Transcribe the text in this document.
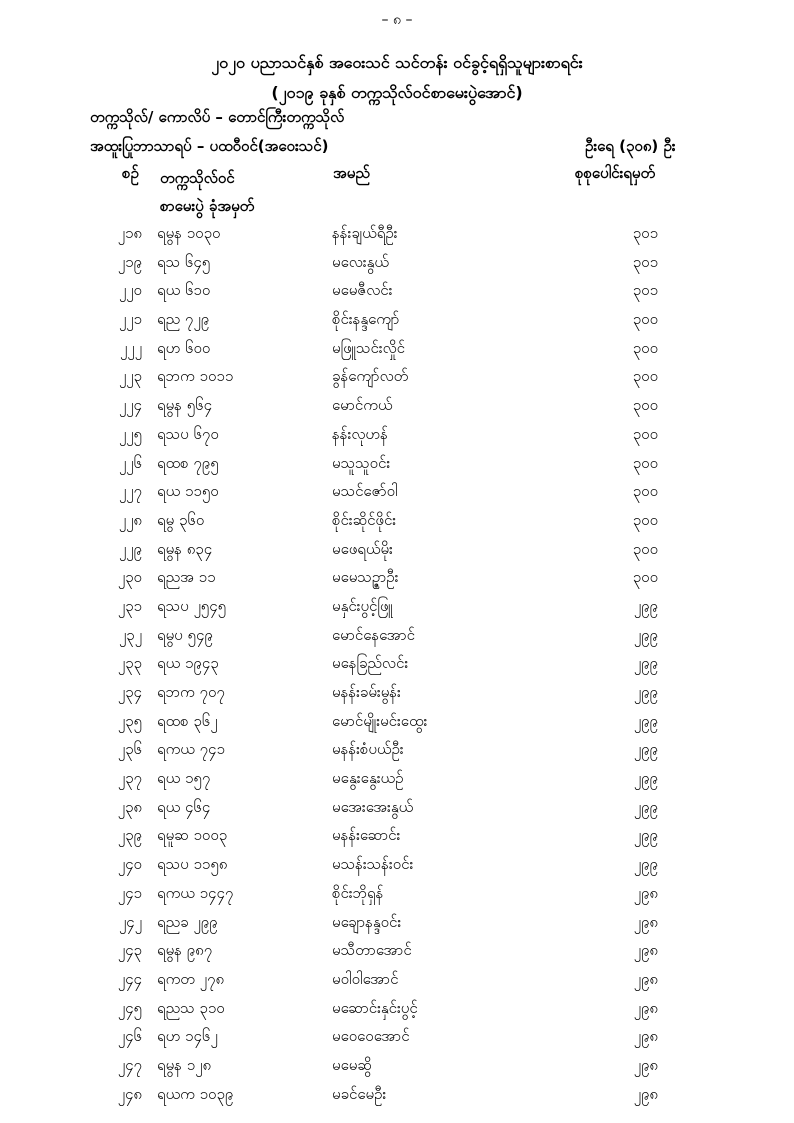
– ၈ –
၂၀၂၀ ပညာသင်နှစ် အဝေးသင် သင်တန်း ဝင်ခွင့်ရရှိသူများစာရင်း
(၂၀၁၉ ခုနှစ် တက္ကသိုလ်ဝင်စာမေးပွဲအောင်)
တက္ကသိုလ်/ ကောလိပ် – ‌တောင်ကြီးတက္ကသိုလ်
အထူးပြုဘာသာရပ် – ပထဝီဝင်(အဝေးသင်)	ဦးရေ (၃၀၈) ဦး
စဉ် တက္ကသိုလ်ဝင်စာမေးပွဲ ခုံအမှတ်
အမည်	စုစုပေါင်းရမှတ်
၂၁၈ ရမွန ၁၀၃၀	နန်းချယ်ရီဦး	၃၀၁
၂၁၉ ရသ ၆၄၅	မလေးနွယ်	၃၀၁
၂၂၀ ရယ ၆၁၀	မမေဇီလင်း	၃၀၁
၂၂၁ ရည ၇၂၉	စိုင်းနန္ဒကျော်	၃၀၀
၂၂၂ ရဟ ၆၀၀	မဖြူသင်းလှိုင်	၃၀၀
၂၂၃ ရဘက ၁၀၁၁	ခွန်ကျော်လတ်	၃၀၀
၂၂၄ ရမွန ၅၆၄	မောင်ကယ်	၃၀၀
၂၂၅ ရသပ ၆၇၀	နန်းလုဟန်	၃၀၀
၂၂၆ ရထစ ၇၉၅	မသူသူဝင်း	၃၀၀
၂၂၇ ရယ ၁၁၅၀	မသင်ဇော်ဝါ	၃၀၀
၂၂၈ ရမွ ၃၆၀	စိုင်းဆိုင်ဖိုင်း	၃၀၀
၂၂၉ ရမွန ၈၃၄	မဖေရယ်မိုး	၃၀၀
၂၃၀ ရညအ ၁၁	မမေသဉ္ဇာဦး	၃၀၀
၂၃၁ ရသပ ၂၅၄၅	မနှင်းပွင့်ဖြူ	၂၉၉
၂၃၂ ရမွပ ၅၄၉	မောင်နေအောင်	၂၉၉
၂၃၃ ရယ ၁၉၄၃	မနေခြည်လင်း	၂၉၉
၂၃၄ ရဘက ၇၀၇	မနန်းခမ်းမွန်း	၂၉၉
၂၃၅ ရထစ ၃၆၂	မောင်မျိုးမင်းထွေး	၂၉၉
၂၃၆ ရကယ ၇၄၁	မနန်းစံပယ်ဦး	၂၉၉
၂၃၇ ရယ ၁၅၇	မနွေးနွေးယဉ်	၂၉၉
၂၃၈ ရယ ၄၆၄	မအေးအေးနွယ်	၂၉၉
၂၃၉ ရမူဆ ၁၀၀၃	မနန်းဆောင်း	၂၉၉
၂၄၀ ရသပ ၁၁၅၈	မသန်းသန်းဝင်း	၂၉၉
၂၄၁ ရကယ ၁၄၄၇	စိုင်းဘိုရှန်	၂၉၈
၂၄၂ ရညခ ၂၉၉	မချောနန္ဒဝင်း	၂၉၈
၂၄၃ ရမွန ၉၈၇	မသီတာအောင်	၂၉၈
၂၄၄ ရကတ ၂၇၈	မဝါဝါအောင်	၂၉၈
၂၄၅ ရညသ ၃၁၀	မဆောင်းနှင်းပွင့်	၂၉၈
၂၄၆ ရဟ ၁၄၆၂	မဝေဝေအောင်	၂၉၈
၂၄၇ ရမွန ၁၂၈	မမေဆွိ	၂၉၈
၂၄၈ ရယက ၁၀၃၉	မခင်မေဦး	၂၉၈
